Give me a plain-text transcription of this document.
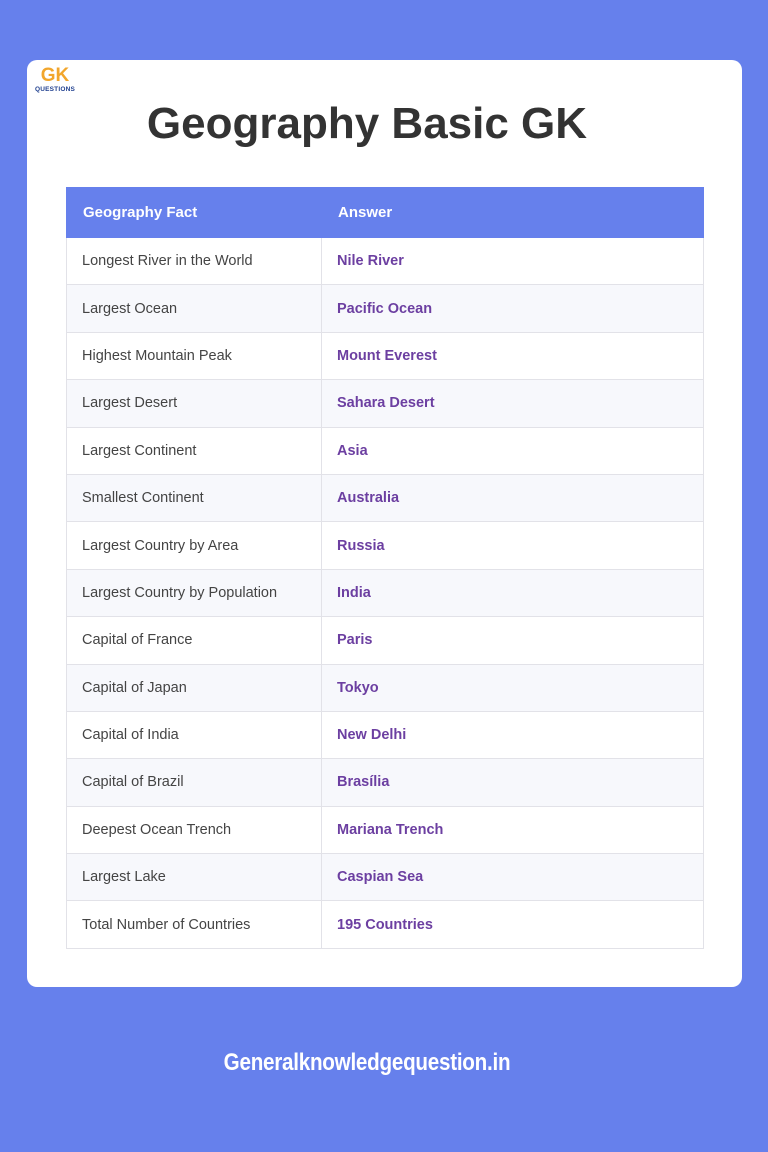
GK
QUESTIONS
Geography Basic GK
Geography Fact	Answer
Longest River in the World	Nile River
Largest Ocean	Pacific Ocean
Highest Mountain Peak	Mount Everest
Largest Desert	Sahara Desert
Largest Continent	Asia
Smallest Continent	Australia
Largest Country by Area	Russia
Largest Country by Population	India
Capital of France	Paris
Capital of Japan	Tokyo
Capital of India	New Delhi
Capital of Brazil	Brasília
Deepest Ocean Trench	Mariana Trench
Largest Lake	Caspian Sea
Total Number of Countries	195 Countries
Generalknowledgequestion.in
